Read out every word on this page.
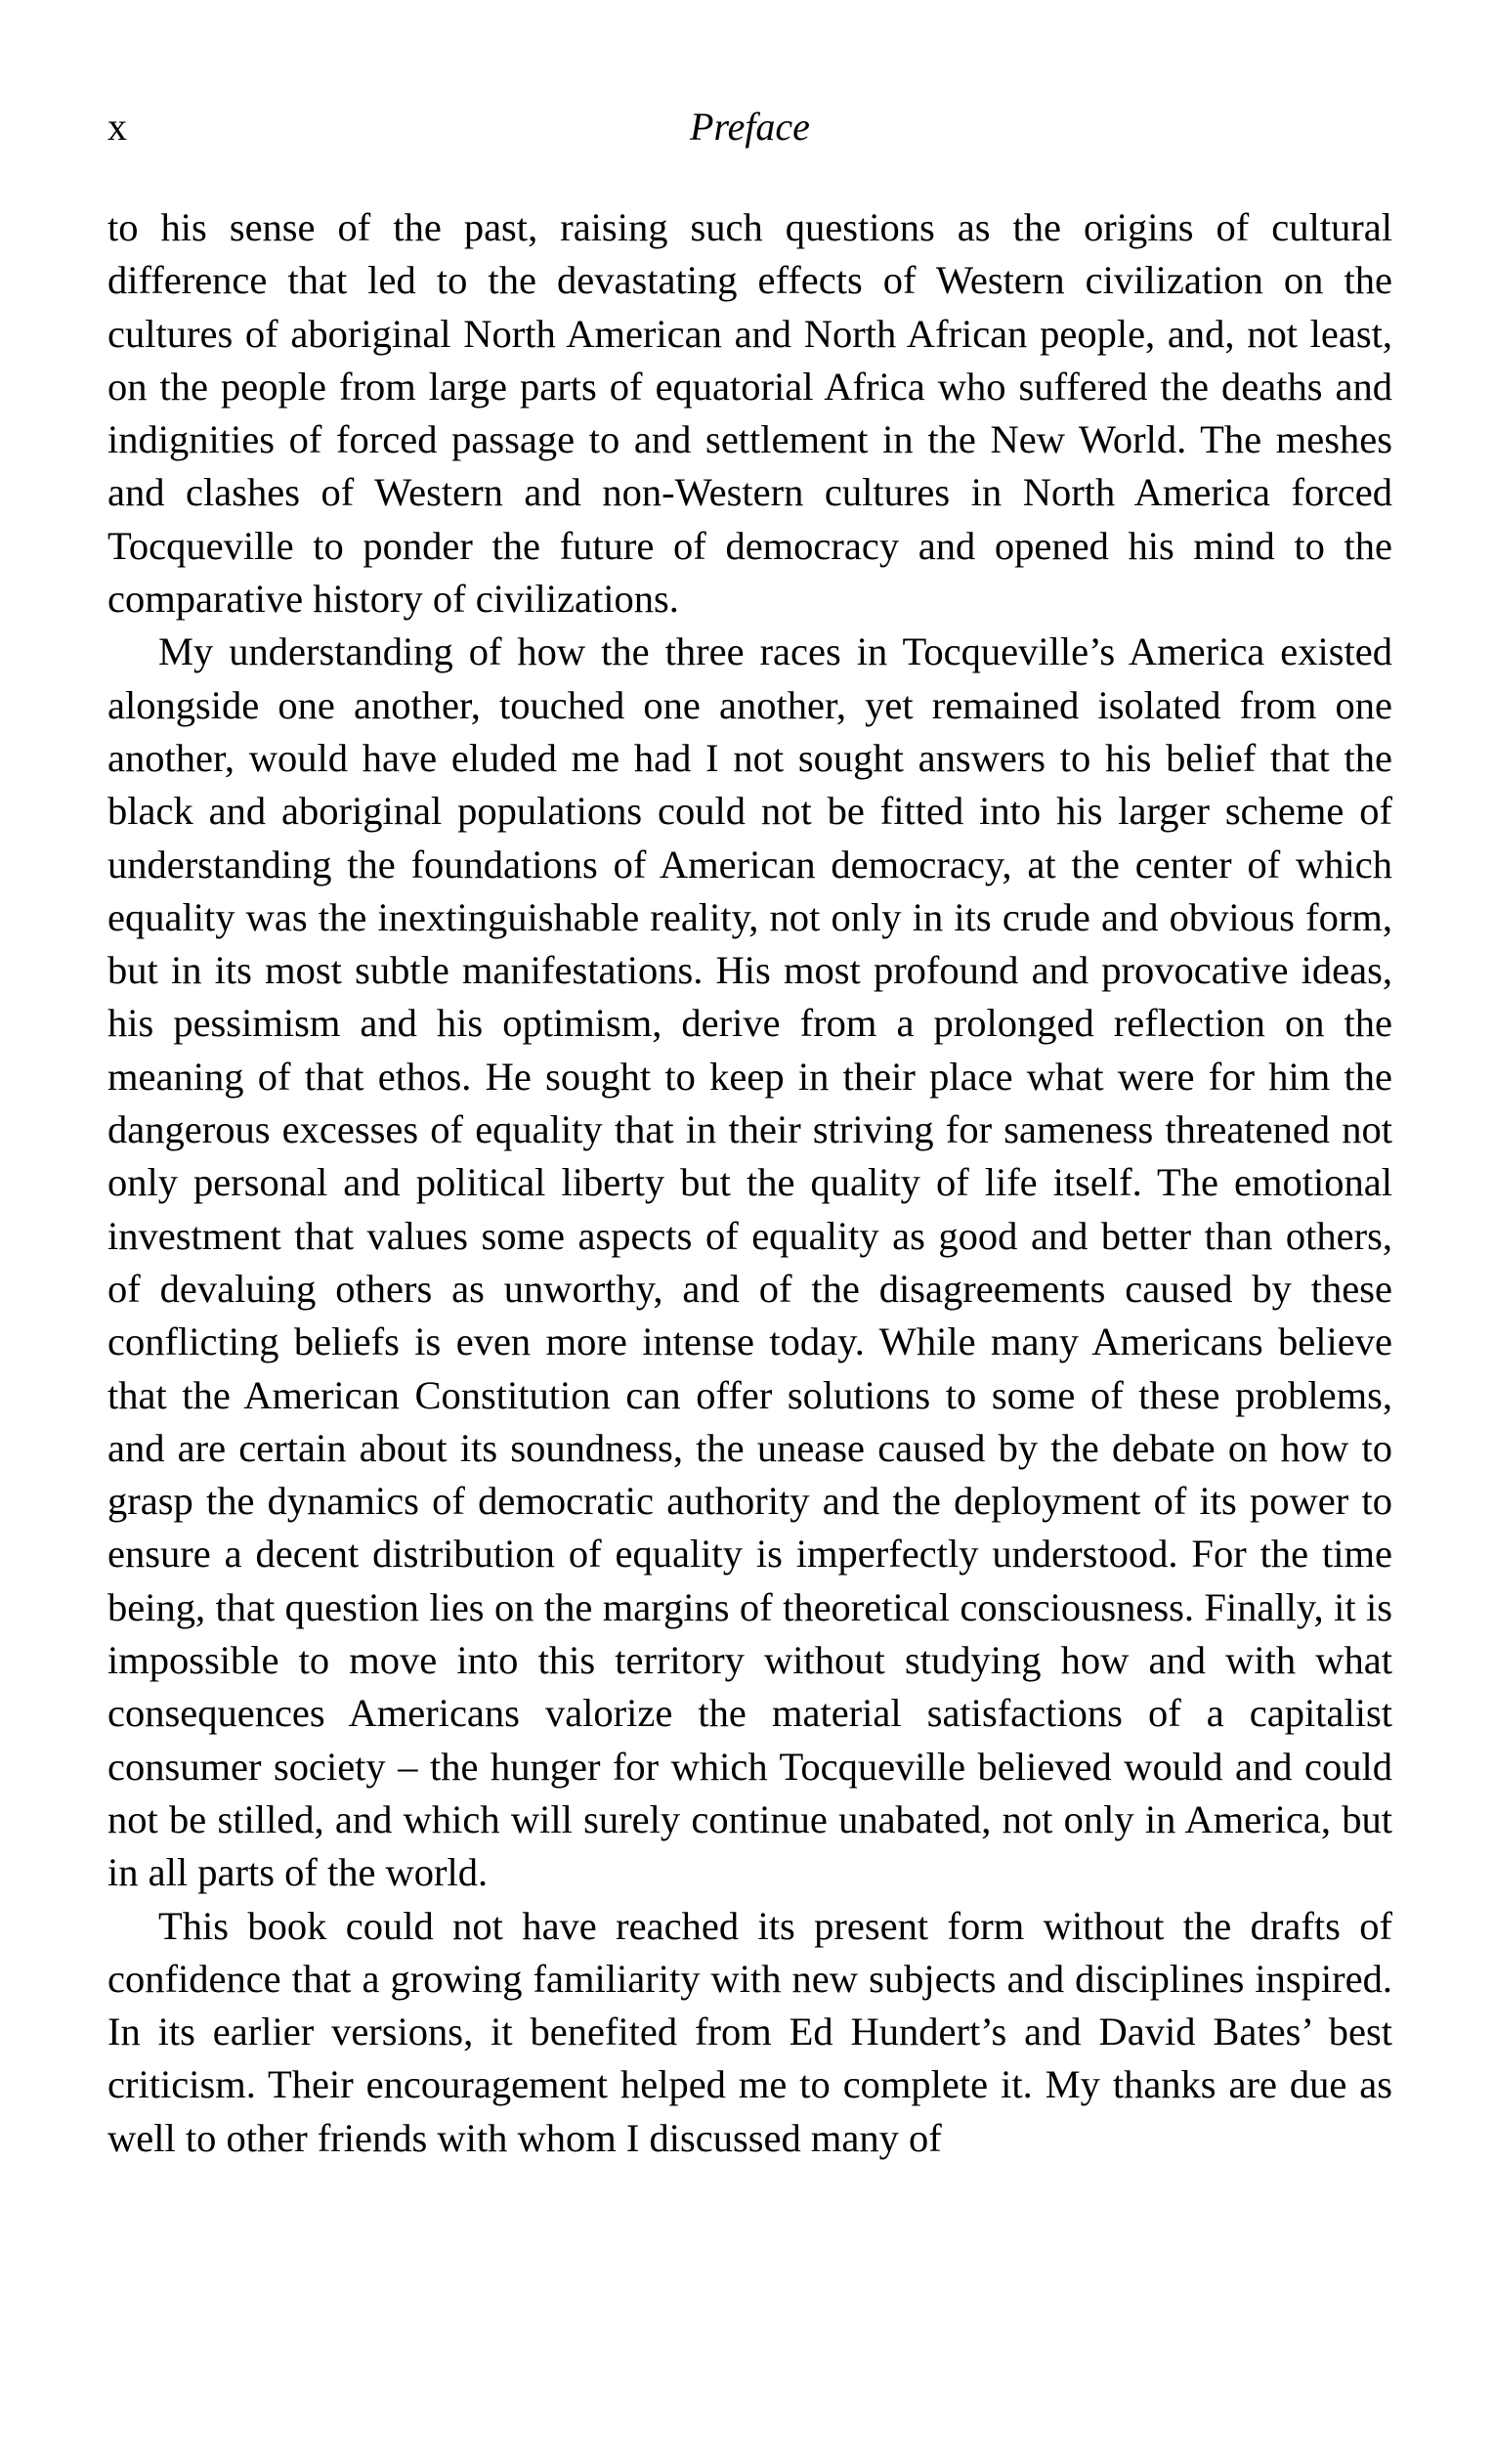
x	Preface

to his sense of the past, raising such questions as the origins of cultural difference that led to the devastating effects of Western civilization on the cultures of aboriginal North American and North African people, and, not least, on the people from large parts of equatorial Africa who suffered the deaths and indignities of forced passage to and settlement in the New World. The meshes and clashes of Western and non-Western cultures in North America forced Tocqueville to ponder the future of democracy and opened his mind to the comparative history of civilizations.

My understanding of how the three races in Tocqueville’s America existed alongside one another, touched one another, yet remained isolated from one another, would have eluded me had I not sought answers to his belief that the black and aboriginal populations could not be fitted into his larger scheme of understanding the foundations of American democracy, at the center of which equality was the inextinguishable reality, not only in its crude and obvious form, but in its most subtle manifestations. His most profound and provocative ideas, his pessimism and his optimism, derive from a prolonged reflection on the meaning of that ethos. He sought to keep in their place what were for him the dangerous excesses of equality that in their striving for sameness threatened not only personal and political liberty but the quality of life itself. The emotional investment that values some aspects of equality as good and better than others, of devaluing others as unworthy, and of the disagreements caused by these conflicting beliefs is even more intense today. While many Americans believe that the American Constitution can offer solutions to some of these problems, and are certain about its soundness, the unease caused by the debate on how to grasp the dynamics of democratic authority and the deployment of its power to ensure a decent distribution of equality is imperfectly understood. For the time being, that question lies on the margins of theoretical consciousness. Finally, it is impossible to move into this territory without studying how and with what consequences Americans valorize the material satisfactions of a capitalist consumer society – the hunger for which Tocqueville believed would and could not be stilled, and which will surely continue unabated, not only in America, but in all parts of the world.

This book could not have reached its present form without the drafts of confidence that a growing familiarity with new subjects and disciplines inspired. In its earlier versions, it benefited from Ed Hundert’s and David Bates’ best criticism. Their encouragement helped me to complete it. My thanks are due as well to other friends with whom I discussed many of
